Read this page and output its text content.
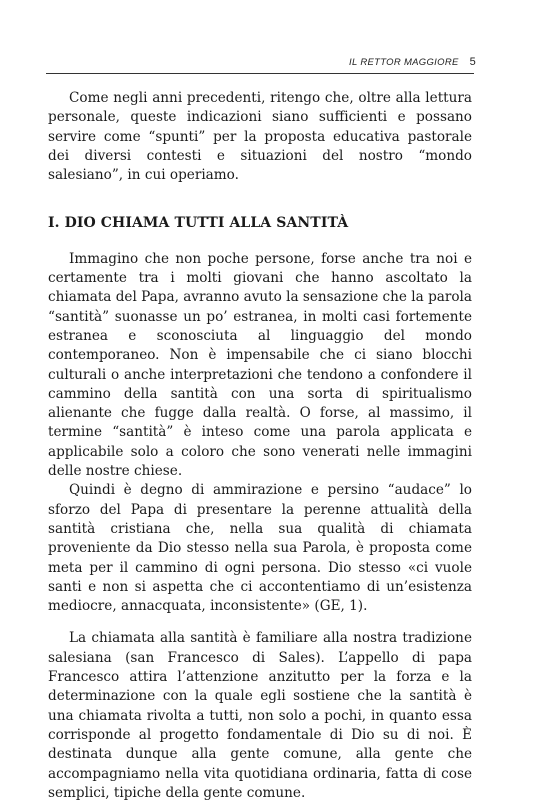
IL RETTOR MAGGIORE 5

Come negli anni precedenti, ritengo che, oltre alla lettura personale, queste indicazioni siano sufficienti e possano servire come “spunti” per la proposta educativa pastorale dei diversi contesti e situazioni del nostro “mondo salesiano”, in cui operiamo.

I. DIO CHIAMA TUTTI ALLA SANTITÀ

Immagino che non poche persone, forse anche tra noi e certamente tra i molti giovani che hanno ascoltato la chiamata del Papa, avranno avuto la sensazione che la parola “santità” suonasse un po’ estranea, in molti casi fortemente estranea e sconosciuta al linguaggio del mondo contemporaneo. Non è impensabile che ci siano blocchi culturali o anche interpretazioni che tendono a confondere il cammino della santità con una sorta di spiritualismo alienante che fugge dalla realtà. O forse, al massimo, il termine “santità” è inteso come una parola applicata e applicabile solo a coloro che sono venerati nelle immagini delle nostre chiese.

Quindi è degno di ammirazione e persino “audace” lo sforzo del Papa di presentare la perenne attualità della santità cristiana che, nella sua qualità di chiamata proveniente da Dio stesso nella sua Parola, è proposta come meta per il cammino di ogni persona. Dio stesso «ci vuole santi e non si aspetta che ci accontentiamo di un’esistenza mediocre, annacquata, inconsistente» (GE, 1).

La chiamata alla santità è familiare alla nostra tradizione salesiana (san Francesco di Sales). L’appello di papa Francesco attira l’attenzione anzitutto per la forza e la determinazione con la quale egli sostiene che la santità è una chiamata rivolta a tutti, non solo a pochi, in quanto essa corrisponde al progetto fondamentale di Dio su di noi. È destinata dunque alla gente comune, alla gente che accompagniamo nella vita quotidiana ordinaria, fatta di cose semplici, tipiche della gente comune.
